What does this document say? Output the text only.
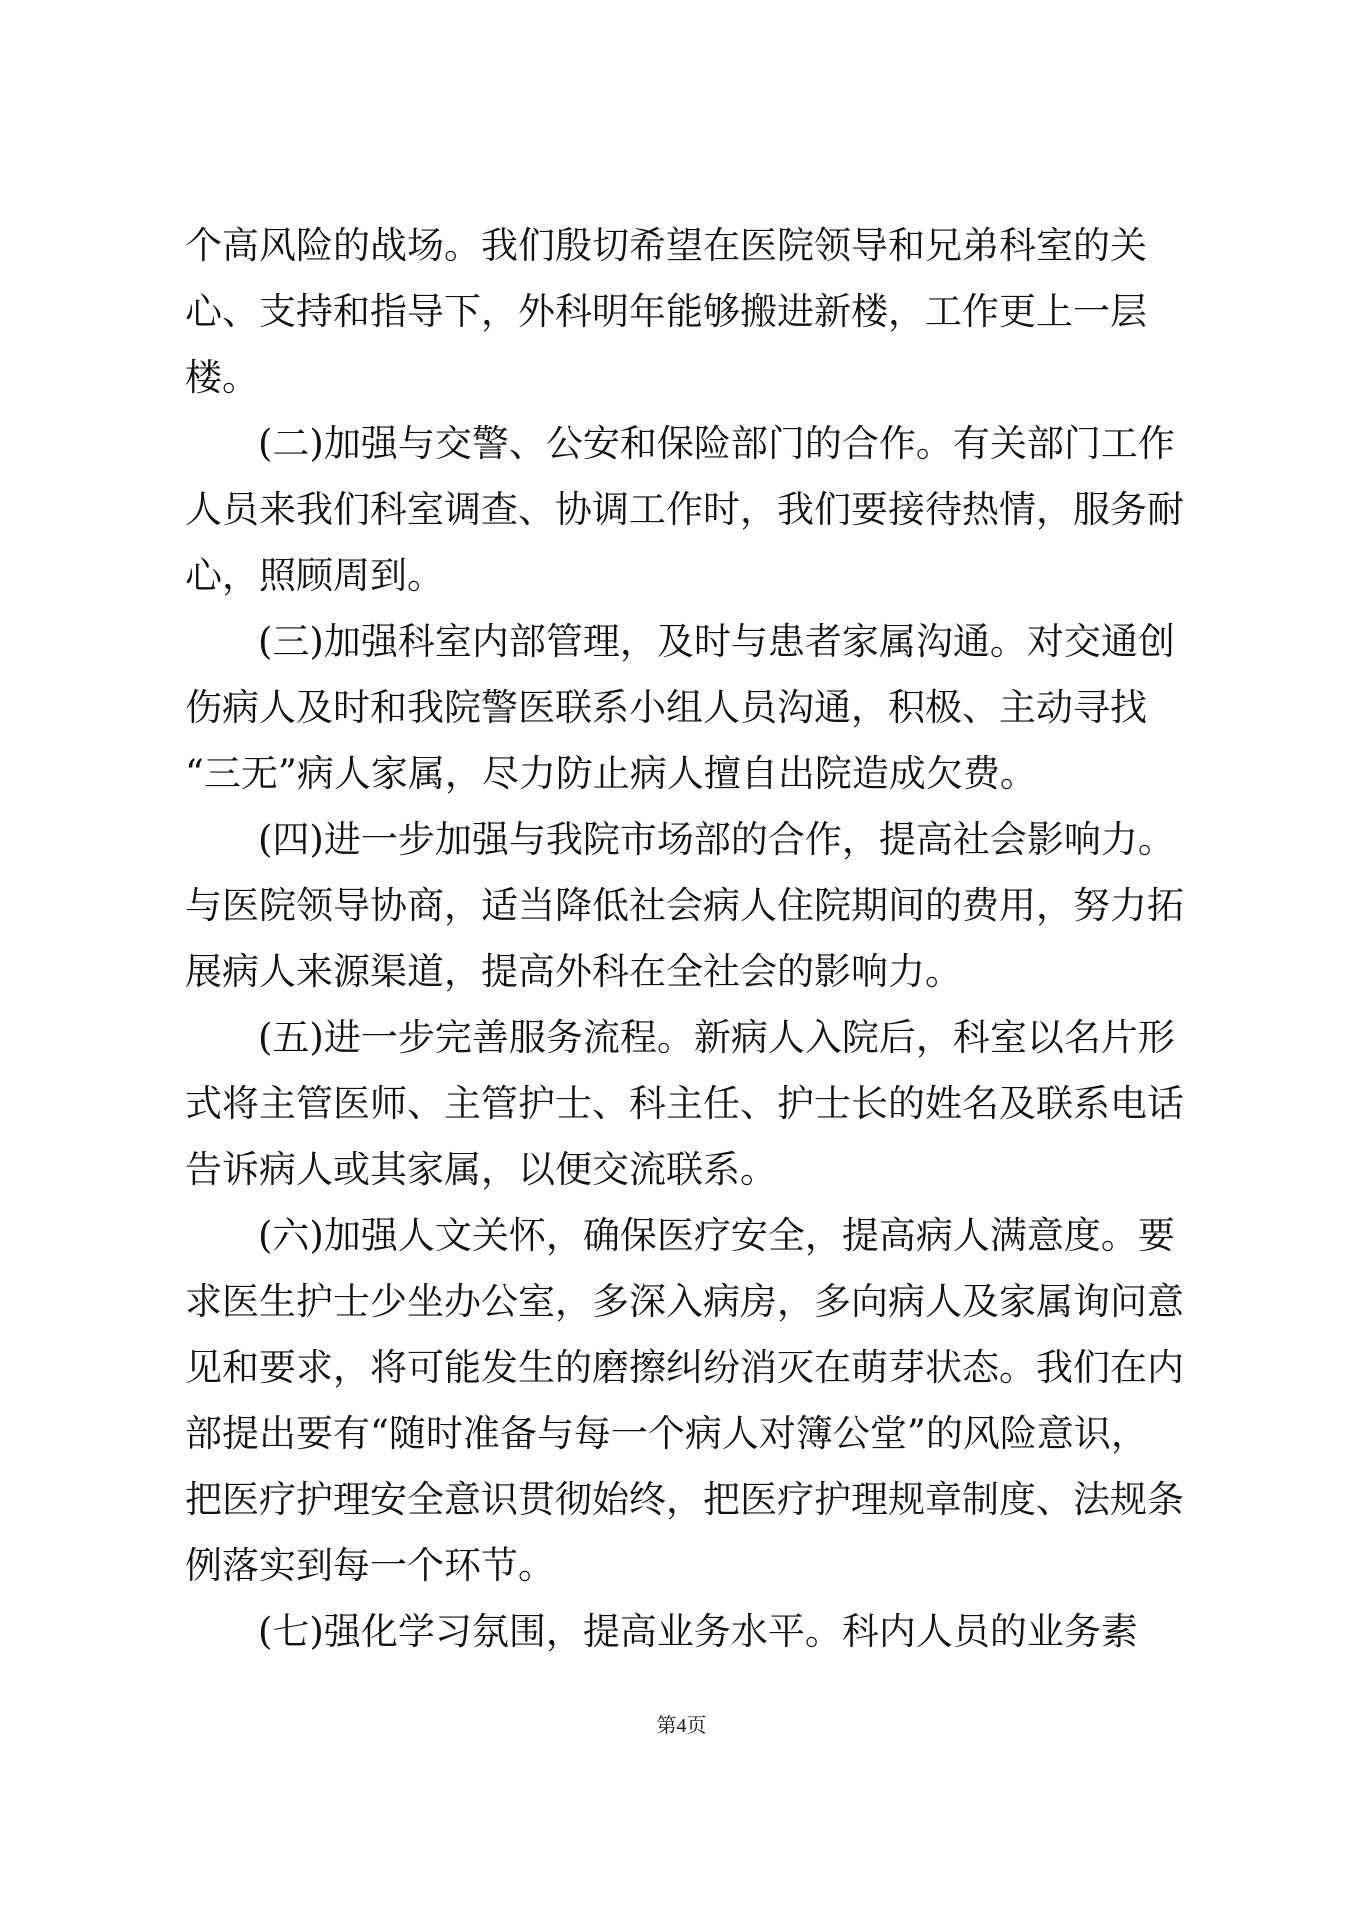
个高风险的战场。我们殷切希望在医院领导和兄弟科室的关
心、支持和指导下，外科明年能够搬进新楼，工作更上一层
楼。
(二)加强与交警、公安和保险部门的合作。有关部门工作
人员来我们科室调查、协调工作时，我们要接待热情，服务耐
心，照顾周到。
(三)加强科室内部管理，及时与患者家属沟通。对交通创
伤病人及时和我院警医联系小组人员沟通，积极、主动寻找
“三无”病人家属，尽力防止病人擅自出院造成欠费。
(四)进一步加强与我院市场部的合作，提高社会影响力。
与医院领导协商，适当降低社会病人住院期间的费用，努力拓
展病人来源渠道，提高外科在全社会的影响力。
(五)进一步完善服务流程。新病人入院后，科室以名片形
式将主管医师、主管护士、科主任、护士长的姓名及联系电话
告诉病人或其家属，以便交流联系。
(六)加强人文关怀，确保医疗安全，提高病人满意度。要
求医生护士少坐办公室，多深入病房，多向病人及家属询问意
见和要求，将可能发生的磨擦纠纷消灭在萌芽状态。我们在内
部提出要有“随时准备与每一个病人对簿公堂”的风险意识，
把医疗护理安全意识贯彻始终，把医疗护理规章制度、法规条
例落实到每一个环节。
(七)强化学习氛围，提高业务水平。科内人员的业务素
第4页
